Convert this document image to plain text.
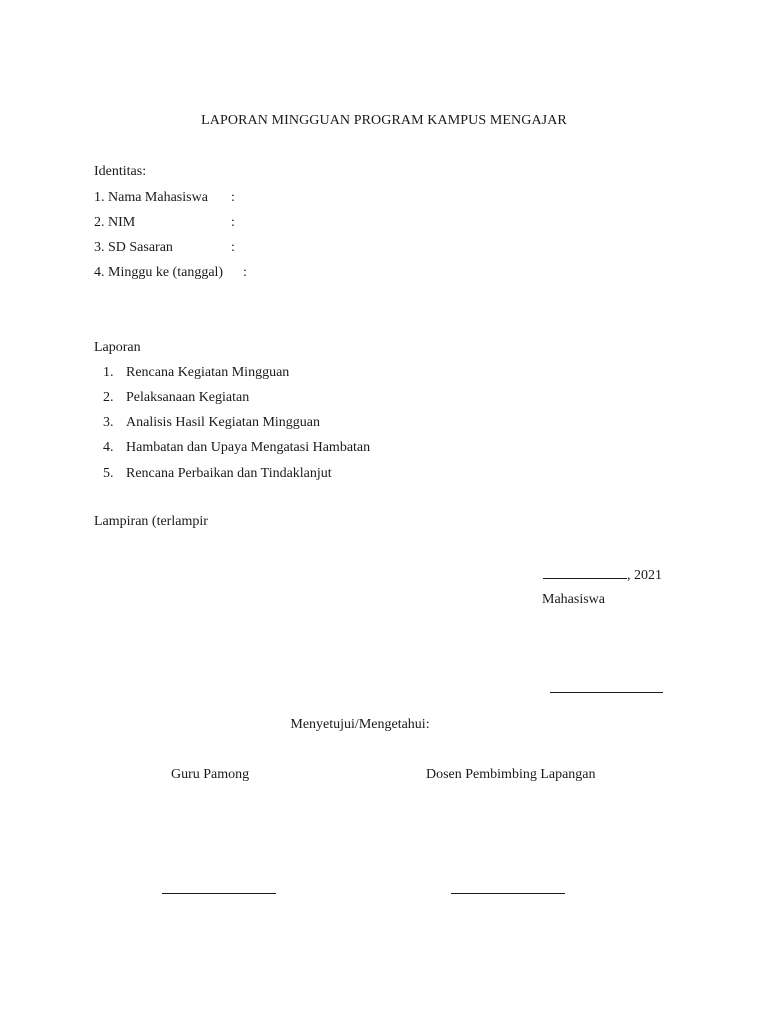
LAPORAN MINGGUAN PROGRAM KAMPUS MENGAJAR
Identitas:
1. Nama Mahasiswa :
2. NIM	:
3. SD Sasaran	:
4. Minggu ke (tanggal) :
Laporan
1. Rencana Kegiatan Mingguan
2. Pelaksanaan Kegiatan
3. Analisis Hasil Kegiatan Mingguan
4. Hambatan dan Upaya Mengatasi Hambatan
5. Rencana Perbaikan dan Tindaklanjut
Lampiran (terlampir
, 2021
Mahasiswa
Menyetujui/Mengetahui:
Guru Pamong	Dosen Pembimbing Lapangan
